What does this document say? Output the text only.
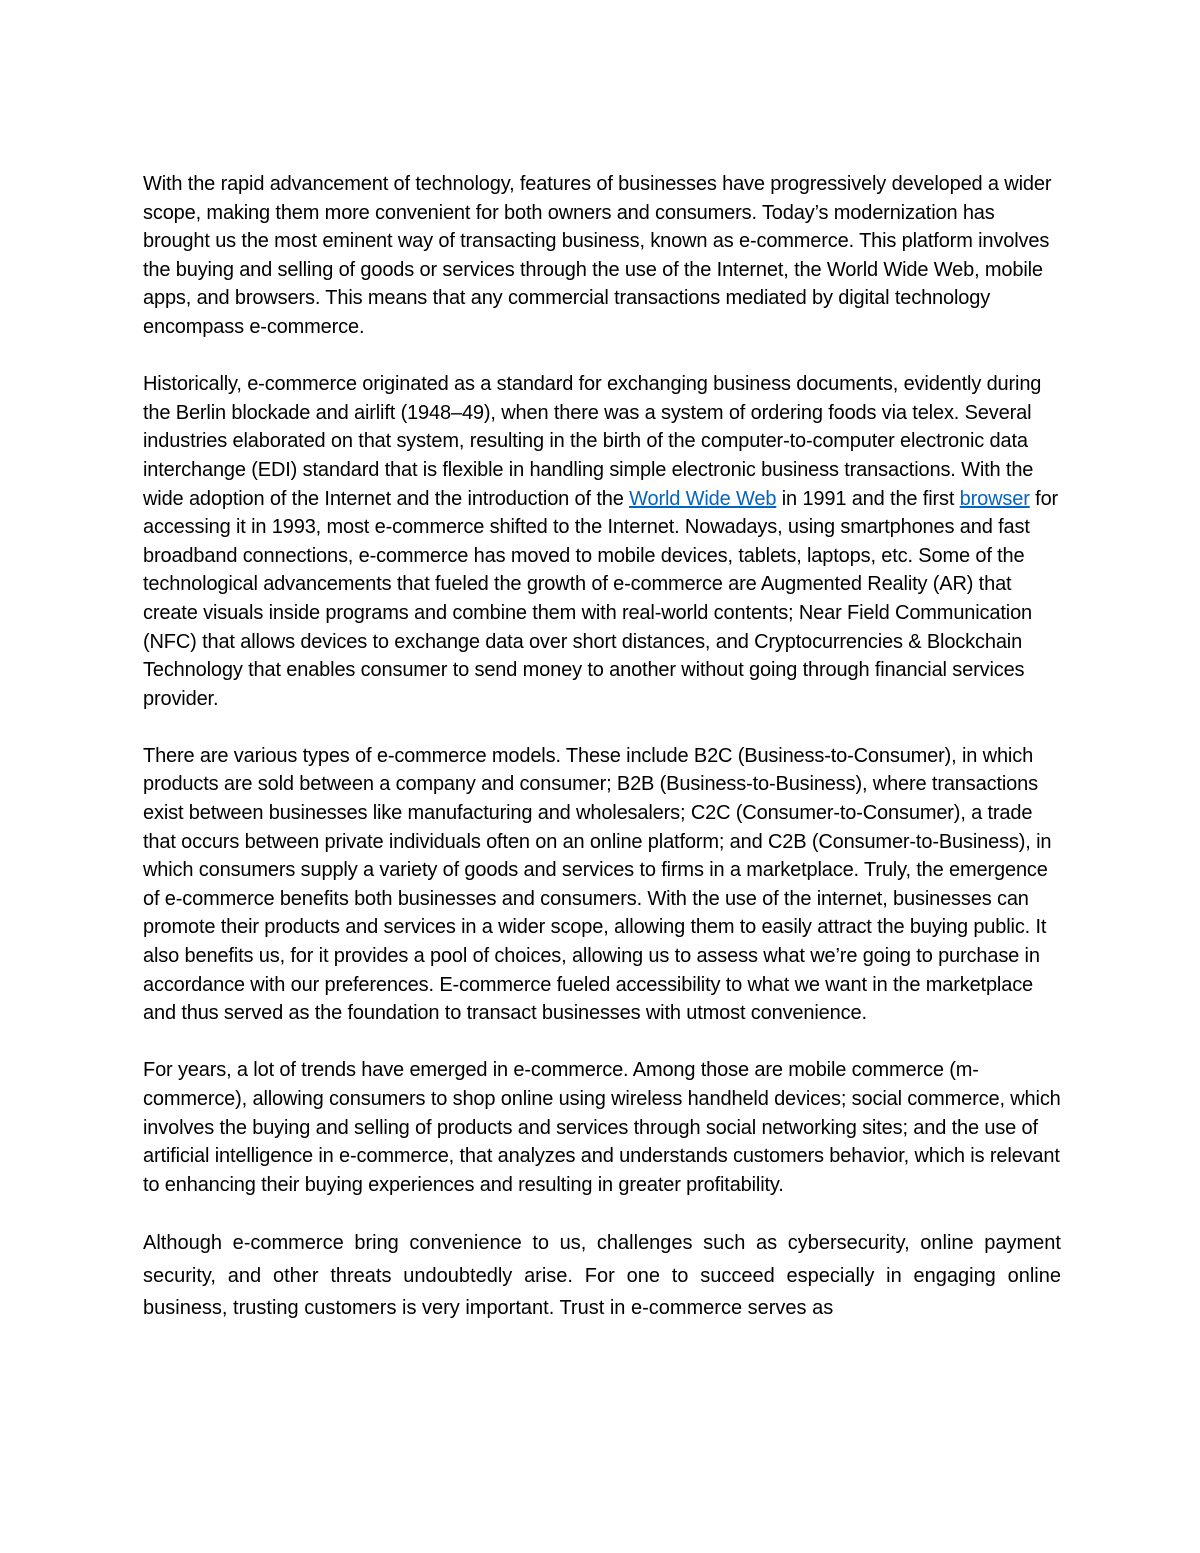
With the rapid advancement of technology, features of businesses have progressively developed a wider scope, making them more convenient for both owners and consumers. Today’s modernization has brought us the most eminent way of transacting business, known as e-commerce. This platform involves the buying and selling of goods or services through the use of the Internet, the World Wide Web, mobile apps, and browsers. This means that any commercial transactions mediated by digital technology encompass e-commerce.

Historically, e-commerce originated as a standard for exchanging business documents, evidently during the Berlin blockade and airlift (1948–49), when there was a system of ordering foods via telex. Several industries elaborated on that system, resulting in the birth of the computer-to-computer electronic data interchange (EDI) standard that is flexible in handling simple electronic business transactions. With the wide adoption of the Internet and the introduction of the World Wide Web in 1991 and the first browser for accessing it in 1993, most e-commerce shifted to the Internet. Nowadays, using smartphones and fast broadband connections, e-commerce has moved to mobile devices, tablets, laptops, etc. Some of the technological advancements that fueled the growth of e-commerce are Augmented Reality (AR) that create visuals inside programs and combine them with real-world contents; Near Field Communication (NFC) that allows devices to exchange data over short distances, and Cryptocurrencies & Blockchain Technology that enables consumer to send money to another without going through financial services provider.

There are various types of e-commerce models. These include B2C (Business-to-Consumer), in which products are sold between a company and consumer; B2B (Business-to-Business), where transactions exist between businesses like manufacturing and wholesalers; C2C (Consumer-to-Consumer), a trade that occurs between private individuals often on an online platform; and C2B (Consumer-to-Business), in which consumers supply a variety of goods and services to firms in a marketplace. Truly, the emergence of e-commerce benefits both businesses and consumers. With the use of the internet, businesses can promote their products and services in a wider scope, allowing them to easily attract the buying public. It also benefits us, for it provides a pool of choices, allowing us to assess what we’re going to purchase in accordance with our preferences. E-commerce fueled accessibility to what we want in the marketplace and thus served as the foundation to transact businesses with utmost convenience.

For years, a lot of trends have emerged in e-commerce. Among those are mobile commerce (m-commerce), allowing consumers to shop online using wireless handheld devices; social commerce, which involves the buying and selling of products and services through social networking sites; and the use of artificial intelligence in e-commerce, that analyzes and understands customers behavior, which is relevant to enhancing their buying experiences and resulting in greater profitability.

Although e-commerce bring convenience to us, challenges such as cybersecurity, online payment security, and other threats undoubtedly arise. For one to succeed especially in engaging online business, trusting customers is very important. Trust in e-commerce serves as
